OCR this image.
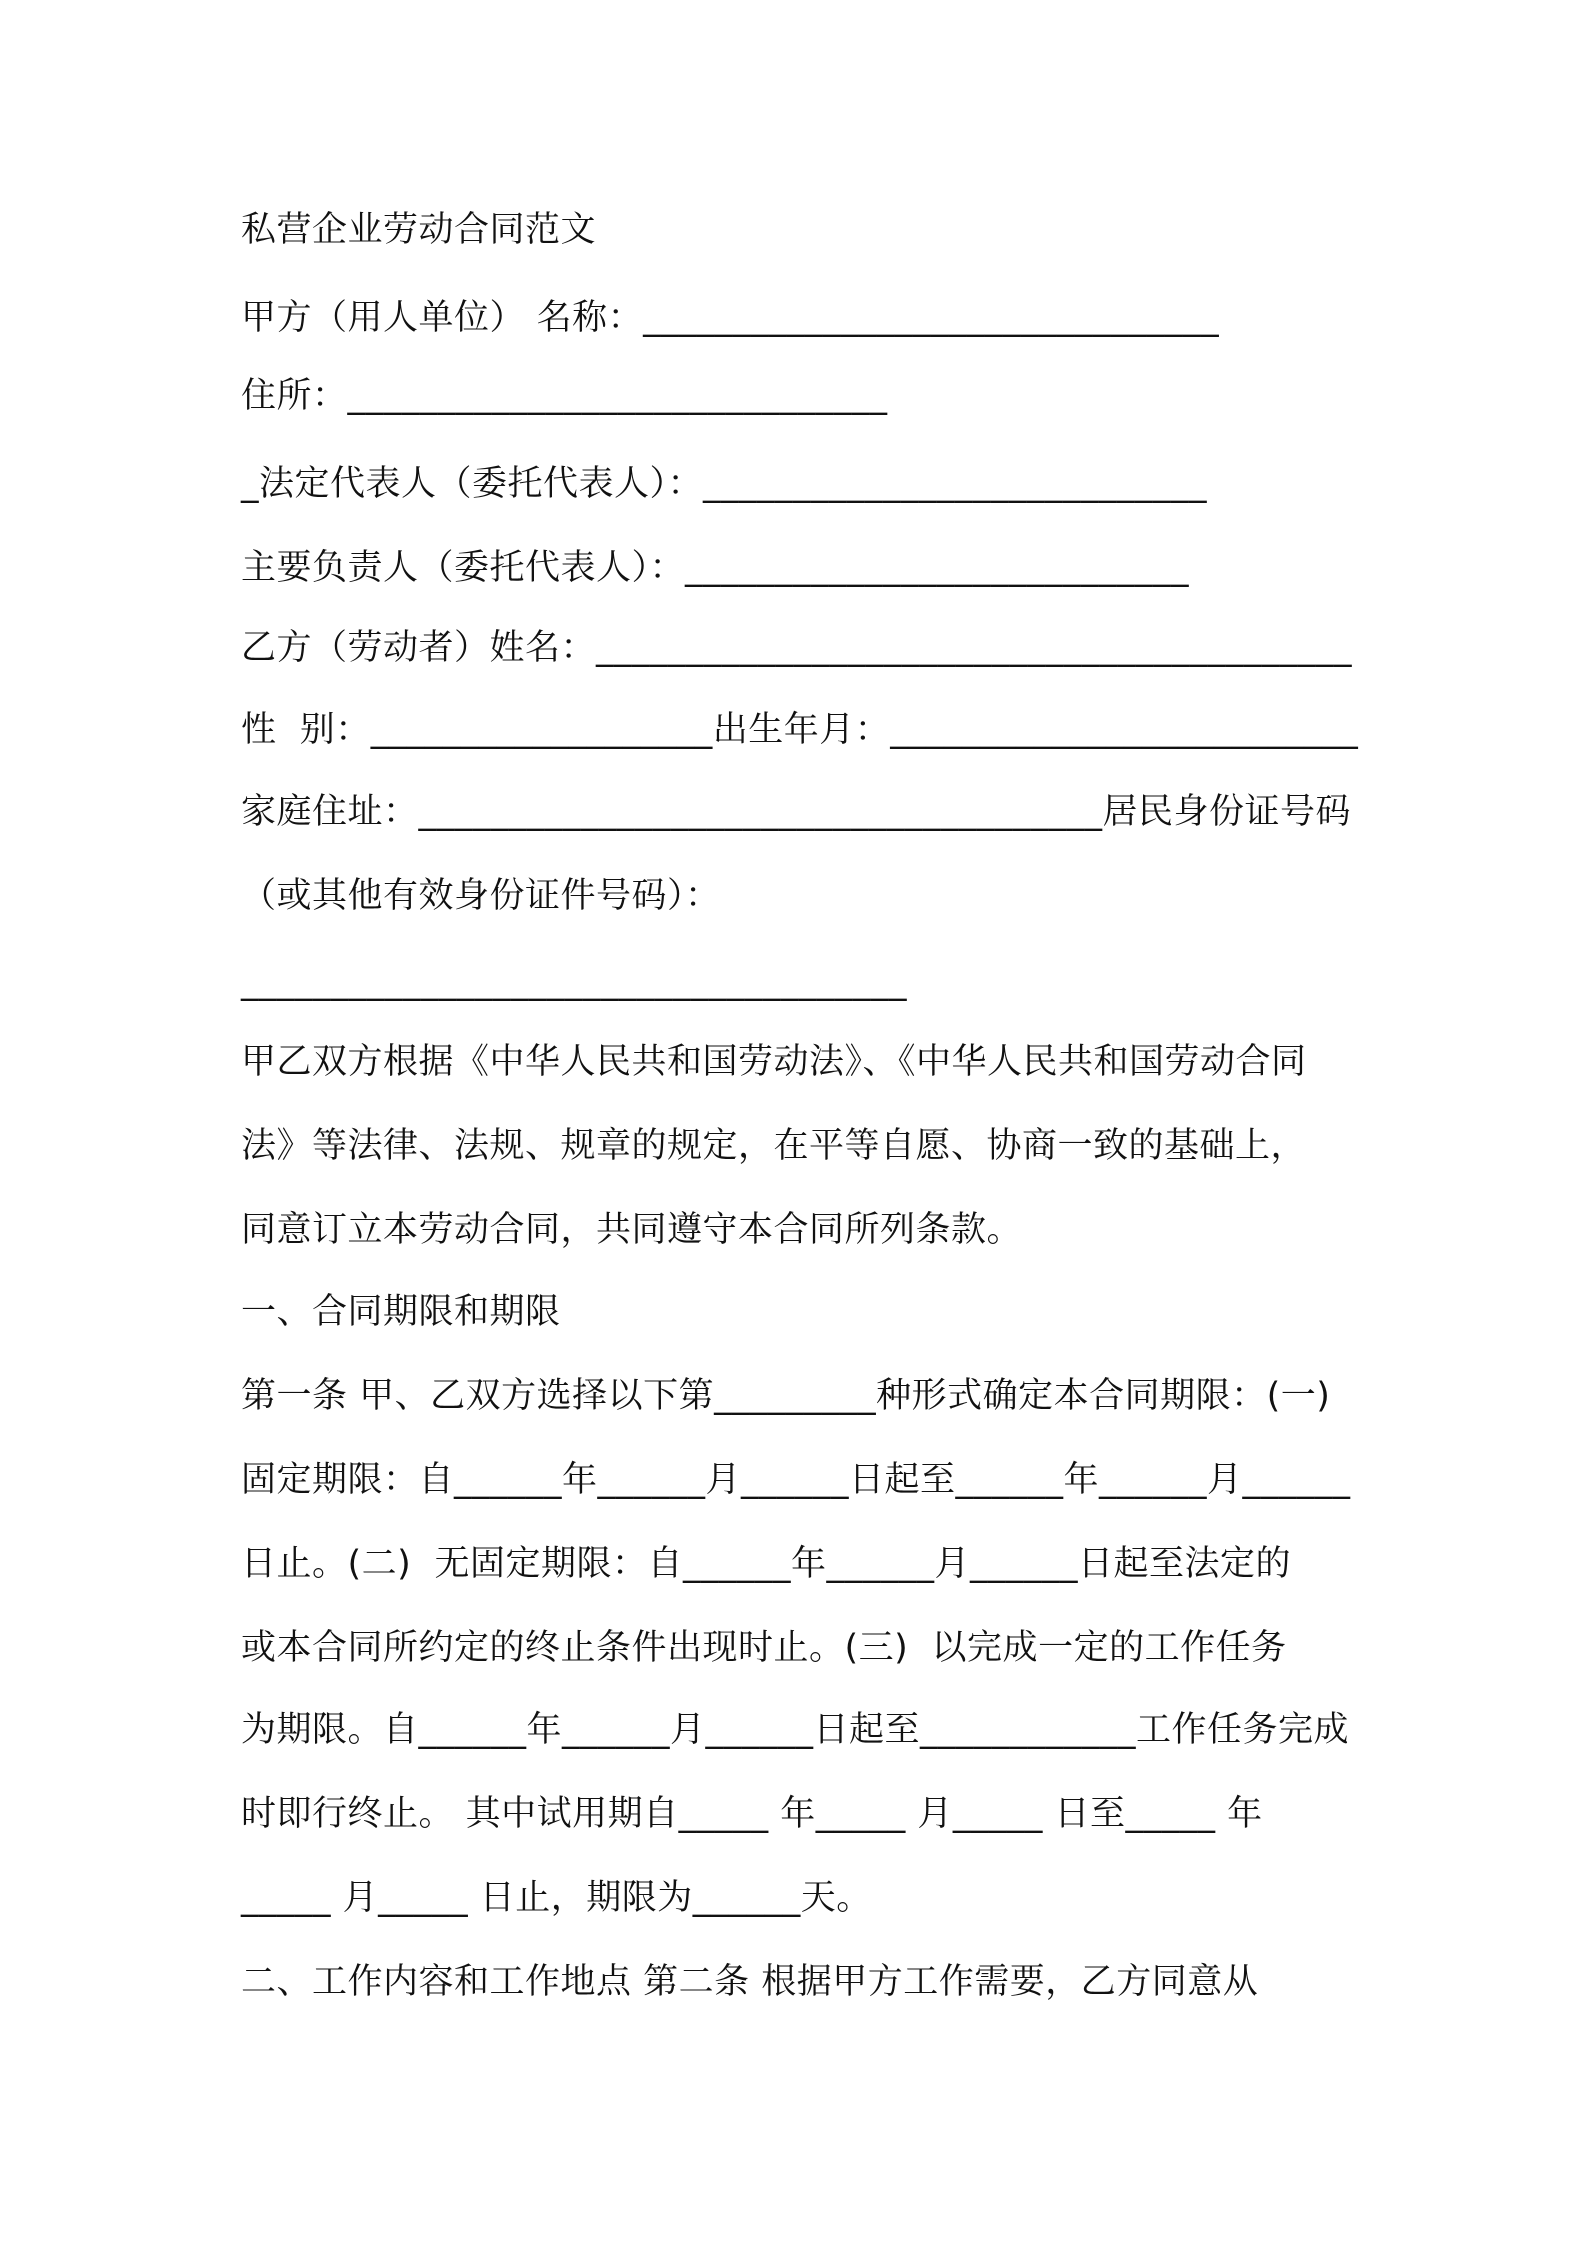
私营企业劳动合同范文
甲方（用人单位） 名称：________________________________
住所：______________________________
_法定代表人（委托代表人）：____________________________
主要负责人（委托代表人）：____________________________
乙方（劳动者）姓名：__________________________________________
性  别：___________________出生年月：__________________________
家庭住址：______________________________________居民身份证号码
（或其他有效身份证件号码）：
_____________________________________
甲乙双方根据《中华人民共和国劳动法》、《中华人民共和国劳动合同
法》等法律、法规、规章的规定，在平等自愿、协商一致的基础上，
同意订立本劳动合同，共同遵守本合同所列条款。
一、合同期限和期限
第一条 甲、乙双方选择以下第_________种形式确定本合同期限：(一)
固定期限：自______年______月______日起至______年______月______
日止。(二)  无固定期限：自______年______月______日起至法定的
或本合同所约定的终止条件出现时止。(三)  以完成一定的工作任务
为期限。自______年______月______日起至____________工作任务完成
时即行终止。 其中试用期自_____ 年_____ 月_____ 日至_____ 年
_____ 月_____ 日止，期限为______天。
二、工作内容和工作地点 第二条 根据甲方工作需要，乙方同意从
